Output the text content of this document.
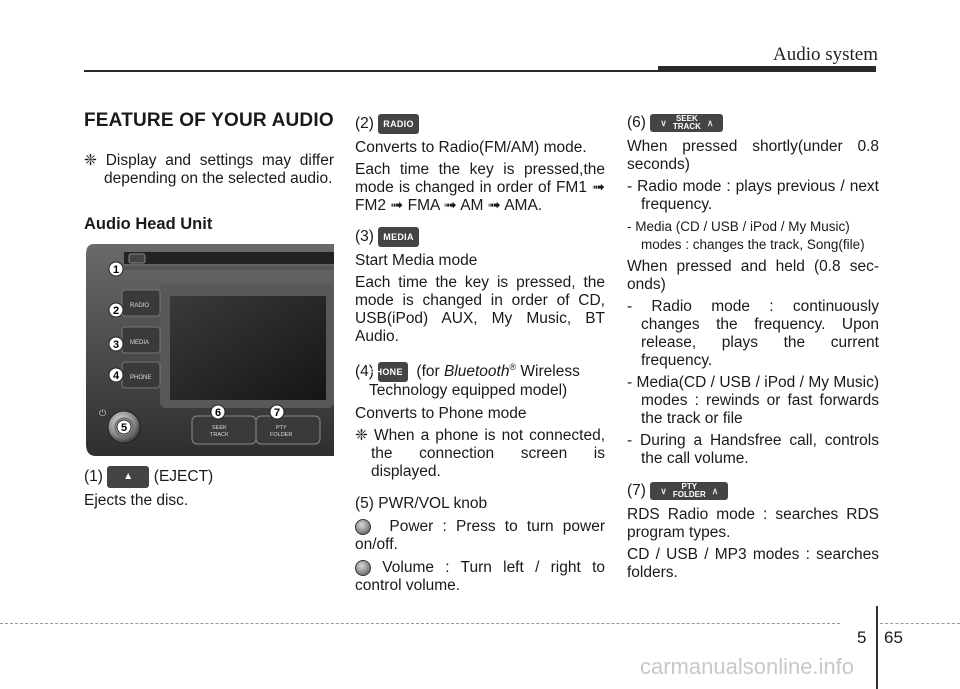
Audio system

FEATURE OF YOUR AUDIO

❈ Display and settings may differ depending on the selected audio.

Audio Head Unit

RADIO
MEDIA
PHONE
⏻
SEEK
TRACK
PTY
FOLDER
1
2
3
4
5
6	7

(1) ▲ (EJECT)

Ejects the disc.

(2) RADIO

Converts to Radio(FM/AM) mode.

Each time the key is pressed,the mode is changed in order of FM1 ➟ FM2 ➟ FMA ➟ AM ➟ AMA.

(3) MEDIA

Start Media mode

Each time the key is pressed, the mode is changed in order of CD, USB(iPod) AUX, My Music, BT Audio.

(4) PHONE (for Bluetooth® Wireless Technology equipped model)

Converts to Phone mode

❈ When a phone is not connected, the connection screen is displayed.

(5) PWR/VOL knob

Power : Press to turn power on/off.

Volume : Turn left / right to control volume.

(6) ∨	SEEK
TRACK ∧

When pressed shortly(under 0.8 seconds)

- Radio mode : plays previous / next frequency.

- Media (CD / USB / iPod / My Music) modes : changes the track, Song(file)

When pressed and held (0.8 sec-onds)

- Radio mode : continuously changes the frequency. Upon release, plays the current frequency.

- Media(CD / USB / iPod / My Music) modes : rewinds or fast forwards the track or file

- During a Handsfree call, controls the call volume.

(7) ∨	PTY
FOLDER ∧

RDS Radio mode : searches RDS program types.

CD / USB / MP3 modes : searches folders.

5 65
carmanualsonline.info
